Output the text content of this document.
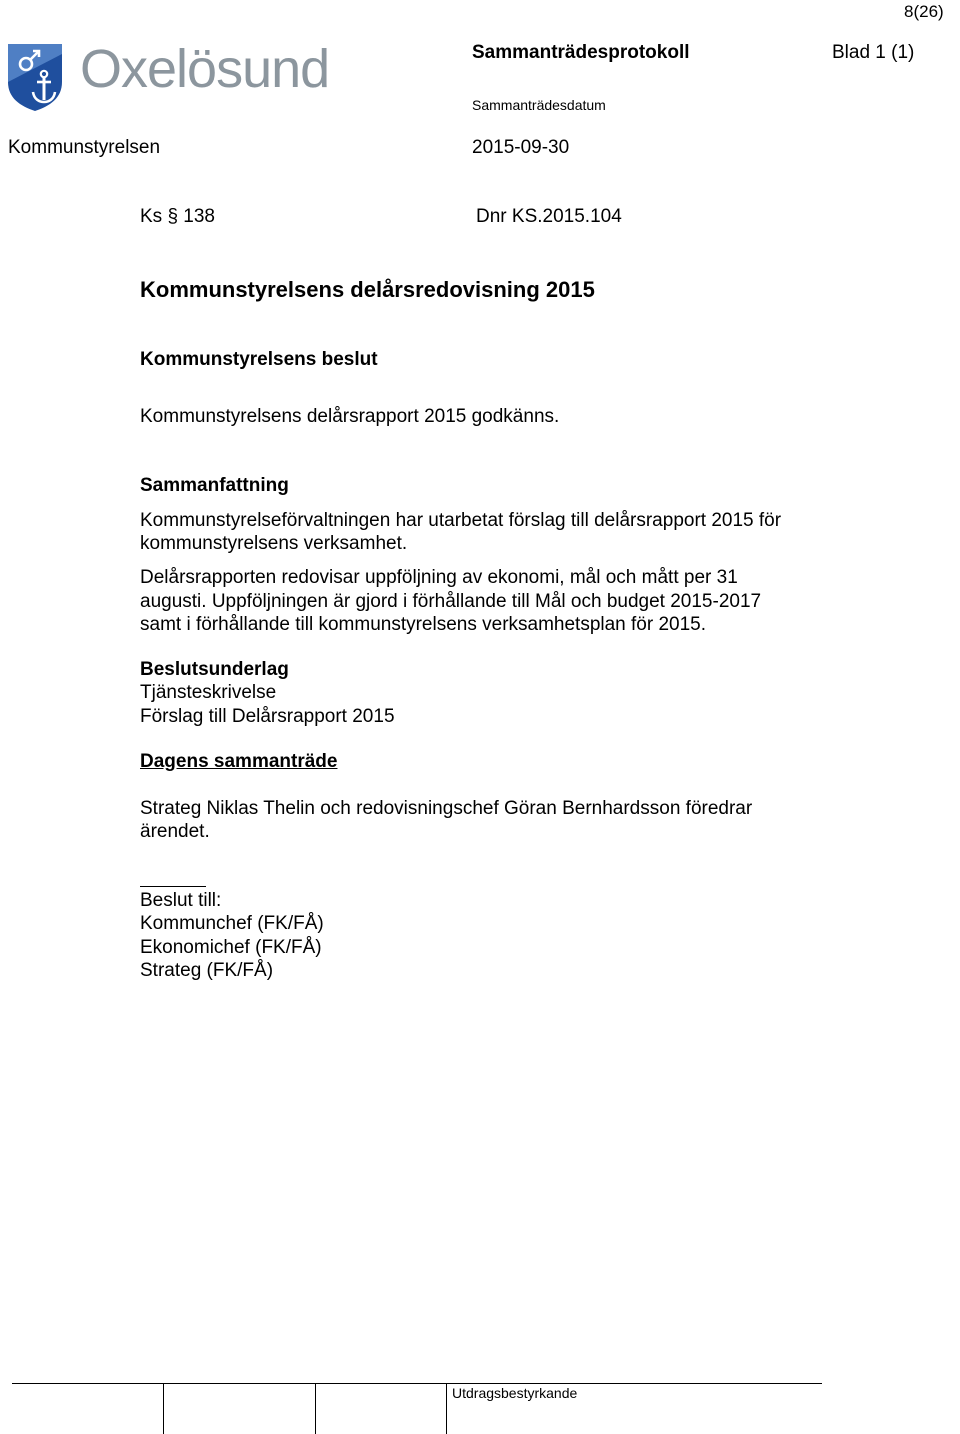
8(26)
Oxelösund	Sammanträdesprotokoll	Blad 1 (1)
Sammanträdesdatum
Kommunstyrelsen	2015-09-30
Ks § 138	Dnr KS.2015.104
Kommunstyrelsens delårsredovisning 2015
Kommunstyrelsens beslut
Kommunstyrelsens delårsrapport 2015 godkänns.
Sammanfattning
Kommunstyrelseförvaltningen har utarbetat förslag till delårsrapport 2015 för
kommunstyrelsens verksamhet.
Delårsrapporten redovisar uppföljning av ekonomi, mål och mått per 31
augusti. Uppföljningen är gjord i förhållande till Mål och budget 2015-2017
samt i förhållande till kommunstyrelsens verksamhetsplan för 2015.
Beslutsunderlag
Tjänsteskrivelse
Förslag till Delårsrapport 2015
Dagens sammanträde
Strateg Niklas Thelin och redovisningschef Göran Bernhardsson föredrar
ärendet.
Beslut till:
Kommunchef (FK/FÅ)
Ekonomichef (FK/FÅ)
Strateg (FK/FÅ)
Utdragsbestyrkande
